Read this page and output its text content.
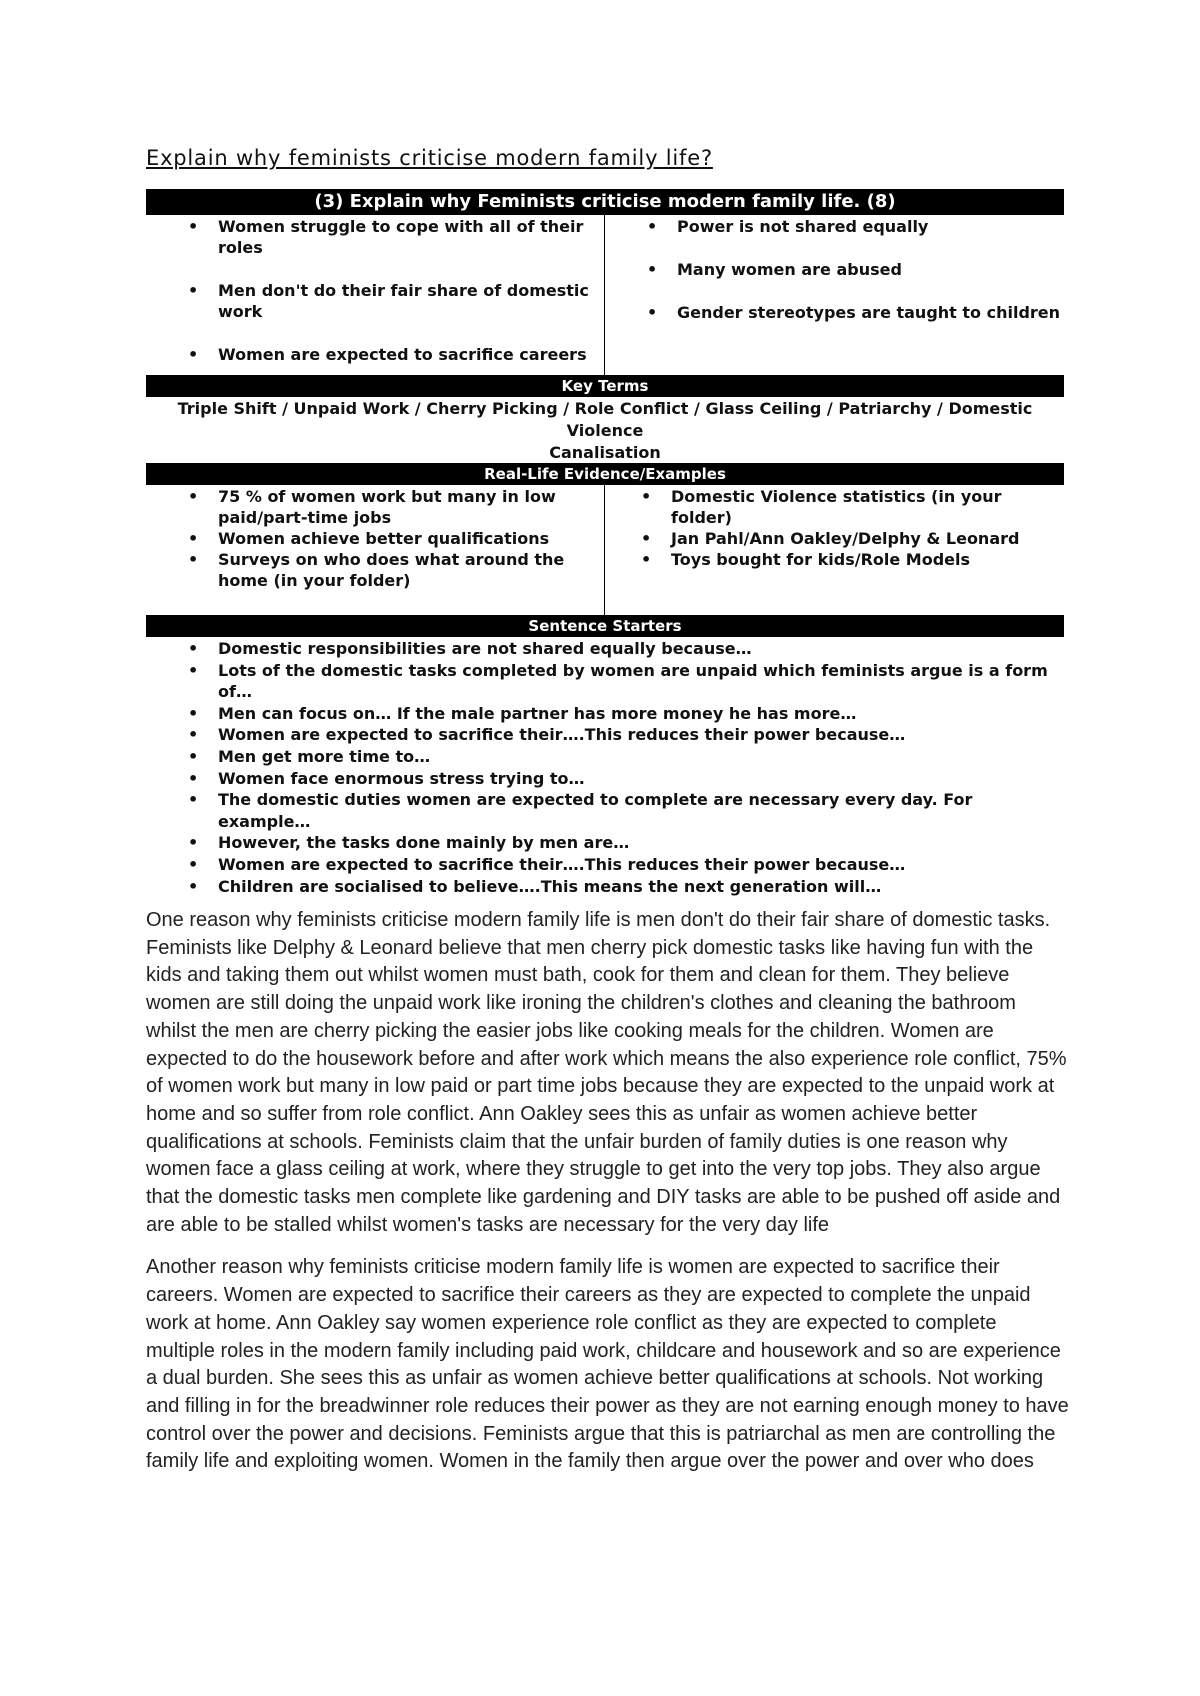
Explain why feminists criticise modern family life?
(3) Explain why Feminists criticise modern family life. (8)
• Women struggle to cope with all of their roles
• Men don't do their fair share of domestic work
• Women are expected to sacrifice careers
• Power is not shared equally
• Many women are abused
• Gender stereotypes are taught to children
Key Terms
Triple Shift / Unpaid Work / Cherry Picking / Role Conflict / Glass Ceiling / Patriarchy / Domestic Violence
Canalisation
Real-Life Evidence/Examples
• 75 % of women work but many in low paid/part-time jobs
• Women achieve better qualifications
• Surveys on who does what around the home (in your folder)
• Domestic Violence statistics (in your folder)
• Jan Pahl/Ann Oakley/Delphy & Leonard
• Toys bought for kids/Role Models
Sentence Starters
• Domestic responsibilities are not shared equally because…
• Lots of the domestic tasks completed by women are unpaid which feminists argue is a form of…
• Men can focus on… If the male partner has more money he has more…
• Women are expected to sacrifice their….This reduces their power because…
• Men get more time to…
• Women face enormous stress trying to…
• The domestic duties women are expected to complete are necessary every day. For example…
• However, the tasks done mainly by men are…
• Women are expected to sacrifice their….This reduces their power because…
• Children are socialised to believe….This means the next generation will…

One reason why feminists criticise modern family life is men don't do their fair share of domestic tasks. Feminists like Delphy & Leonard believe that men cherry pick domestic tasks like having fun with the kids and taking them out whilst women must bath, cook for them and clean for them. They believe women are still doing the unpaid work like ironing the children's clothes and cleaning the bathroom whilst the men are cherry picking the easier jobs like cooking meals for the children. Women are expected to do the housework before and after work which means the also experience role conflict, 75% of women work but many in low paid or part time jobs because they are expected to the unpaid work at home and so suffer from role conflict. Ann Oakley sees this as unfair as women achieve better qualifications at schools. Feminists claim that the unfair burden of family duties is one reason why women face a glass ceiling at work, where they struggle to get into the very top jobs. They also argue that the domestic tasks men complete like gardening and DIY tasks are able to be pushed off aside and are able to be stalled whilst women's tasks are necessary for the very day life

Another reason why feminists criticise modern family life is women are expected to sacrifice their careers. Women are expected to sacrifice their careers as they are expected to complete the unpaid work at home. Ann Oakley say women experience role conflict as they are expected to complete multiple roles in the modern family including paid work, childcare and housework and so are experience a dual burden. She sees this as unfair as women achieve better qualifications at schools. Not working and filling in for the breadwinner role reduces their power as they are not earning enough money to have control over the power and decisions. Feminists argue that this is patriarchal as men are controlling the family life and exploiting women. Women in the family then argue over the power and over who does
